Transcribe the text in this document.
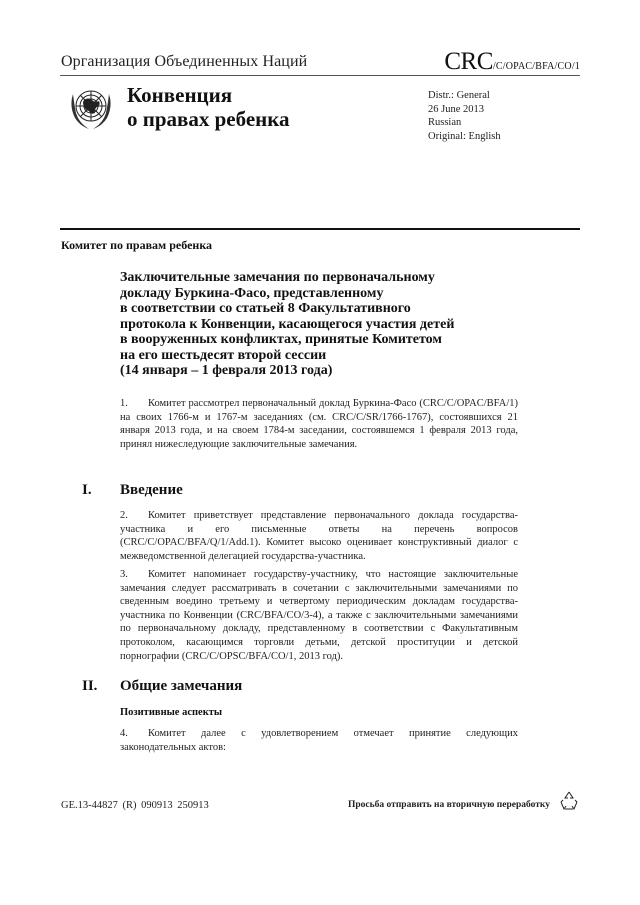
Организация Объединенных Наций	CRC/C/OPAC/BFA/CO/1
Конвенция
о правах ребенка
Distr.: General
26 June 2013
Russian
Original: English
Комитет по правам ребенка
Заключительные замечания по первоначальному
докладу Буркина-Фасо, представленному
в соответствии со статьей 8 Факультативного
протокола к Конвенции, касающегося участия детей
в вооруженных конфликтах, принятые Комитетом
на его шестьдесят второй сессии
(14 января – 1 февраля 2013 года)
1. Комитет рассмотрел первоначальный доклад Буркина-Фасо (CRC/C/OPAC/BFA/1) на своих 1766-м и 1767-м заседаниях (см. CRC/C/SR/1766-1767), состоявшихся 21 января 2013 года, и на своем 1784-м заседании, состоявшемся 1 февраля 2013 года, принял нижеследующие заключительные замечания.
I. Введение
2. Комитет приветствует представление первоначального доклада государства-участника и его письменные ответы на перечень вопросов (CRC/C/OPAC/BFA/Q/1/Add.1). Комитет высоко оценивает конструктивный диалог с межведомственной делегацией государства-участника.
3. Комитет напоминает государству-участнику, что настоящие заключительные замечания следует рассматривать в сочетании с заключительными замечаниями по сведенным воедино третьему и четвертому периодическим докладам государства-участника по Конвенции (CRC/BFA/CO/3-4), а также с заключительными замечаниями по первоначальному докладу, представленному в соответствии с Факультативным протоколом, касающимся торговли детьми, детской проституции и детской порнографии (CRC/C/OPSC/BFA/CO/1, 2013 год).
II. Общие замечания
Позитивные аспекты
4. Комитет далее с удовлетворением отмечает принятие следующих законодательных актов:
GE.13-44827 (R) 090913 250913	Просьба отправить на вторичную переработку
